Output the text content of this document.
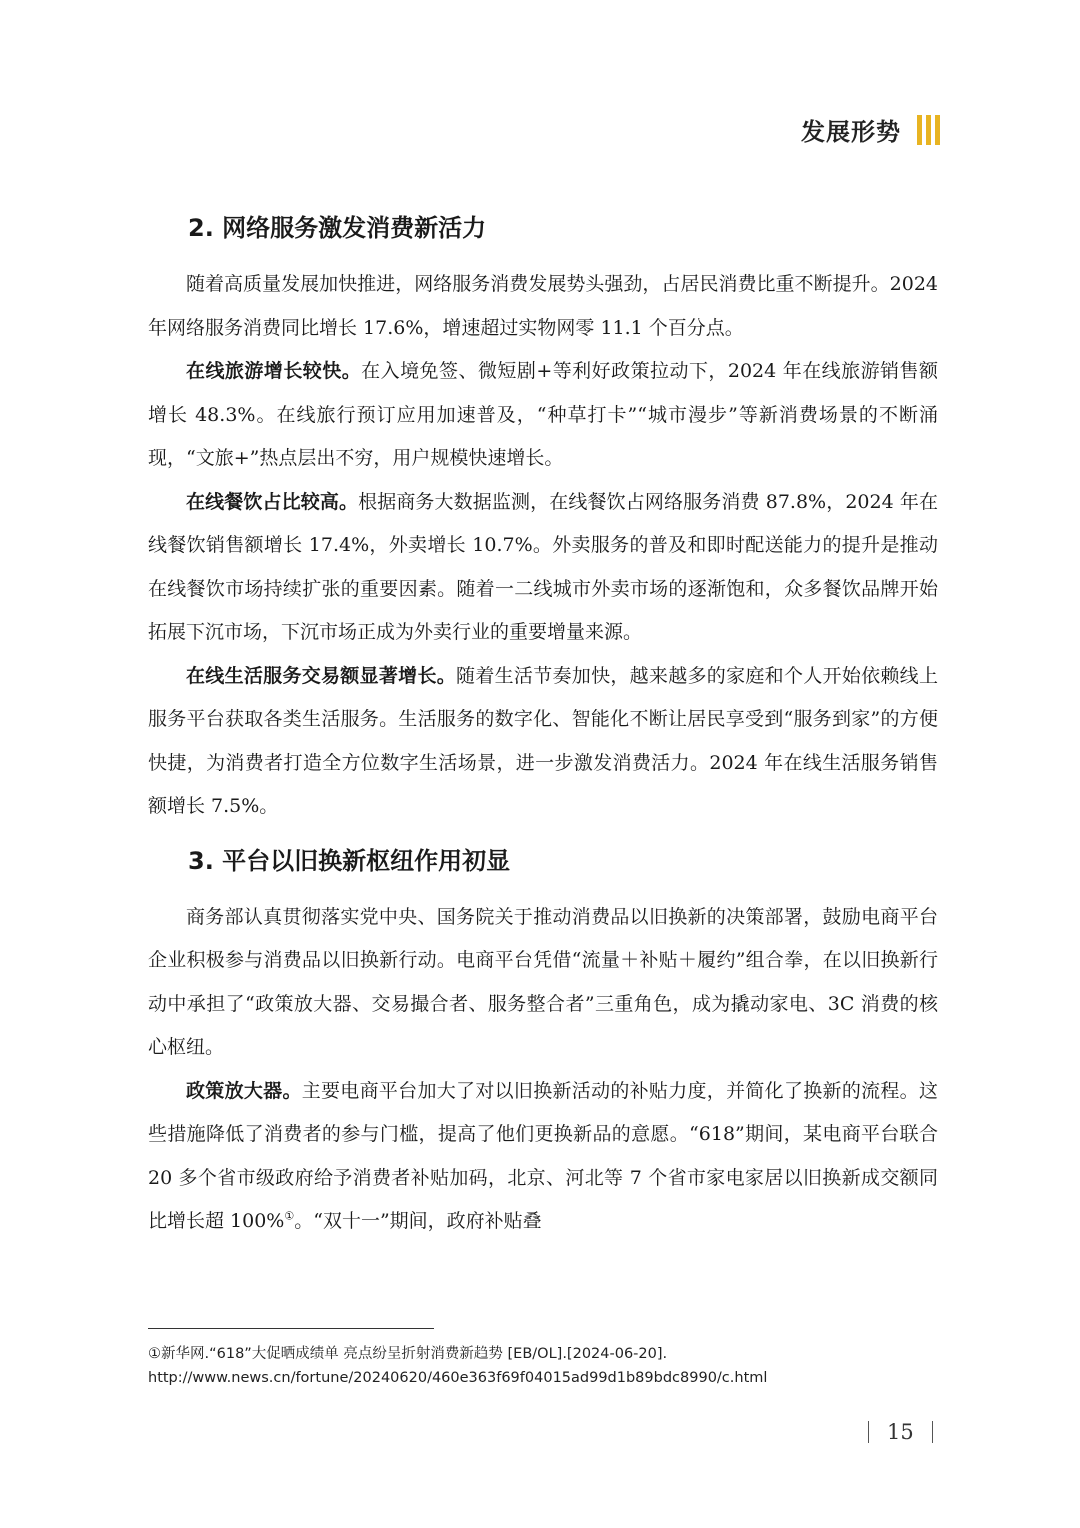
发展形势
2. 网络服务激发消费新活力

随着高质量发展加快推进，网络服务消费发展势头强劲，占居民消费比重不断提升。2024 年网络服务消费同比增长 17.6%，增速超过实物网零 11.1 个百分点。

在线旅游增长较快。在入境免签、微短剧+等利好政策拉动下，2024 年在线旅游销售额增长 48.3%。在线旅行预订应用加速普及，“种草打卡”“城市漫步”等新消费场景的不断涌现，“文旅+”热点层出不穷，用户规模快速增长。

在线餐饮占比较高。根据商务大数据监测，在线餐饮占网络服务消费 87.8%，2024 年在线餐饮销售额增长 17.4%，外卖增长 10.7%。外卖服务的普及和即时配送能力的提升是推动在线餐饮市场持续扩张的重要因素。随着一二线城市外卖市场的逐渐饱和，众多餐饮品牌开始拓展下沉市场，下沉市场正成为外卖行业的重要增量来源。

在线生活服务交易额显著增长。随着生活节奏加快，越来越多的家庭和个人开始依赖线上服务平台获取各类生活服务。生活服务的数字化、智能化不断让居民享受到“服务到家”的方便快捷，为消费者打造全方位数字生活场景，进一步激发消费活力。2024 年在线生活服务销售额增长 7.5%。

3. 平台以旧换新枢纽作用初显

商务部认真贯彻落实党中央、国务院关于推动消费品以旧换新的决策部署，鼓励电商平台企业积极参与消费品以旧换新行动。电商平台凭借“流量＋补贴＋履约”组合拳，在以旧换新行动中承担了“政策放大器、交易撮合者、服务整合者”三重角色，成为撬动家电、3C 消费的核心枢纽。

政策放大器。主要电商平台加大了对以旧换新活动的补贴力度，并简化了换新的流程。这些措施降低了消费者的参与门槛，提高了他们更换新品的意愿。“618”期间，某电商平台联合 20 多个省市级政府给予消费者补贴加码，北京、河北等 7 个省市家电家居以旧换新成交额同比增长超 100%①。“双十一”期间，政府补贴叠

①新华网.“618”大促晒成绩单 亮点纷呈折射消费新趋势 [EB/OL].[2024-06-20].
http://www.news.cn/fortune/20240620/460e363f69f04015ad99d1b89bdc8990/c.html
15
